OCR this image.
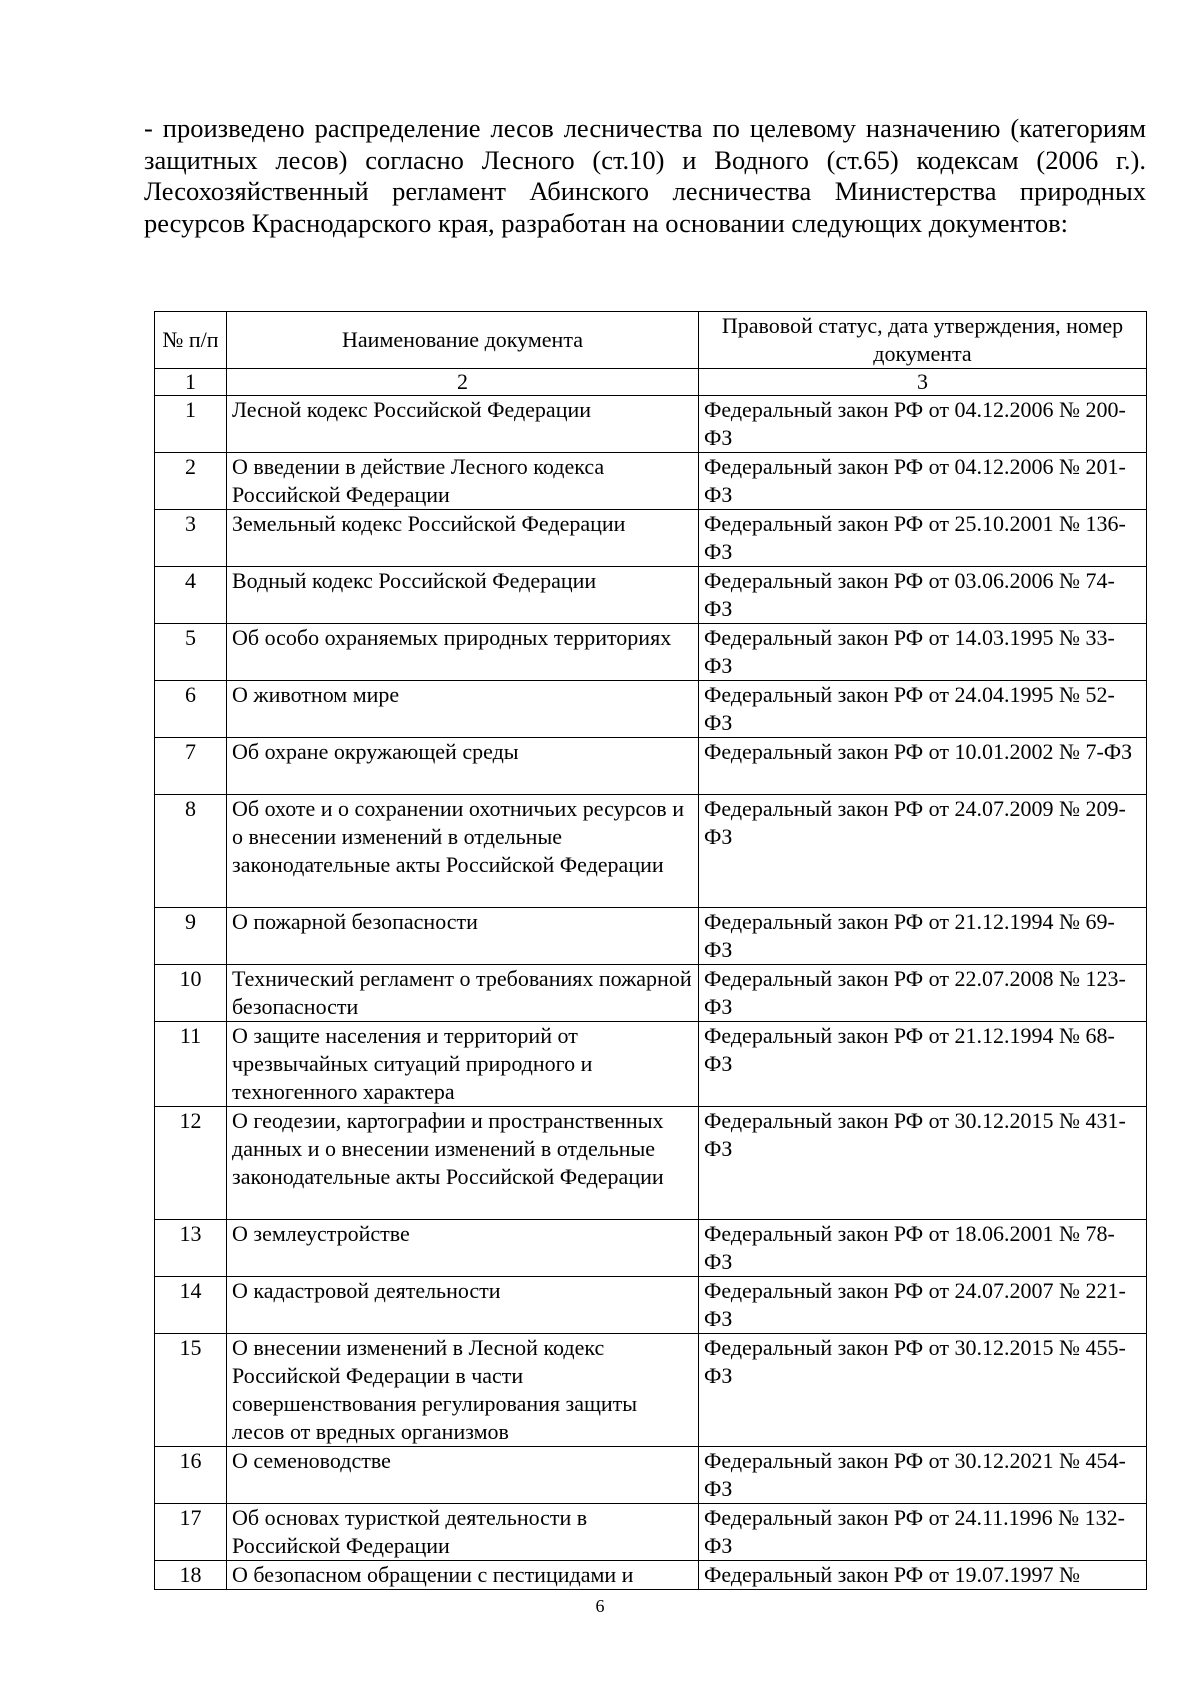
- произведено распределение лесов лесничества по целевому назначению (категориям защитных лесов) согласно Лесного (ст.10) и Водного (ст.65) кодексам (2006 г.). Лесохозяйственный регламент Абинского лесничества Министерства природных ресурсов Краснодарского края, разработан на основании следующих документов:

№ п/п	Наименование документа	Правовой статус, дата утверждения, номер документа
1	2	3
1	Лесной кодекс Российской Федерации	Федеральный закон РФ от 04.12.2006 № 200-ФЗ
2	О введении в действие Лесного кодекса Российской Федерации	Федеральный закон РФ от 04.12.2006 № 201-ФЗ
3	Земельный кодекс Российской Федерации	Федеральный закон РФ от 25.10.2001 № 136-ФЗ
4	Водный кодекс Российской Федерации	Федеральный закон РФ от 03.06.2006 № 74-ФЗ
5	Об особо охраняемых природных территориях	Федеральный закон РФ от 14.03.1995 № 33-ФЗ
6	О животном мире	Федеральный закон РФ от 24.04.1995 № 52-ФЗ
7	Об охране окружающей среды	Федеральный закон РФ от 10.01.2002 № 7-ФЗ
8	Об охоте и о сохранении охотничьих ресурсов и о внесении изменений в отдельные законодательные акты Российской Федерации	Федеральный закон РФ от 24.07.2009 № 209-ФЗ
9	О пожарной безопасности	Федеральный закон РФ от 21.12.1994 № 69-ФЗ
10	Технический регламент о требованиях пожарной безопасности	Федеральный закон РФ от 22.07.2008 № 123-ФЗ
11	О защите населения и территорий от чрезвычайных ситуаций природного и техногенного характера	Федеральный закон РФ от 21.12.1994 № 68-ФЗ
12	О геодезии, картографии и пространственных данных и о внесении изменений в отдельные законодательные акты Российской Федерации	Федеральный закон РФ от 30.12.2015 № 431-ФЗ
13	О землеустройстве	Федеральный закон РФ от 18.06.2001 № 78-ФЗ
14	О кадастровой деятельности	Федеральный закон РФ от 24.07.2007 № 221-ФЗ
15	О внесении изменений в Лесной кодекс Российской Федерации в части совершенствования регулирования защиты лесов от вредных организмов	Федеральный закон РФ от 30.12.2015 № 455-ФЗ
16	О семеноводстве	Федеральный закон РФ от 30.12.2021 № 454-ФЗ
17	Об основах туристкой деятельности в Российской Федерации	Федеральный закон РФ от 24.11.1996 № 132-ФЗ
18	О безопасном обращении с пестицидами и	Федеральный закон РФ от 19.07.1997 №
6
